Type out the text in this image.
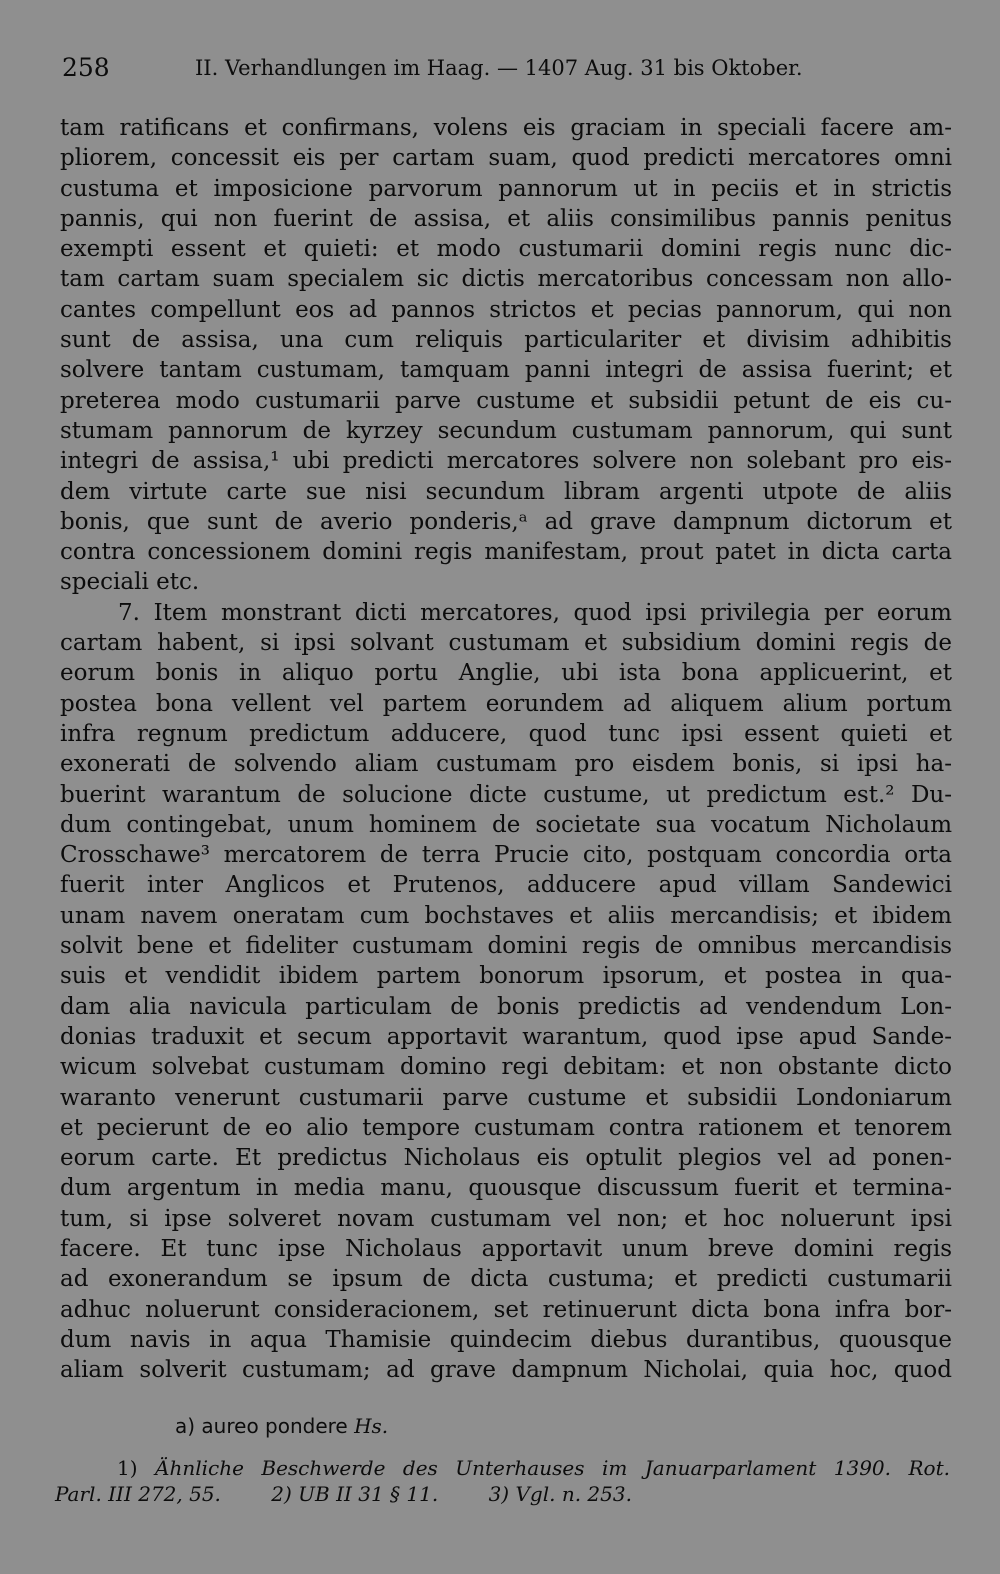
258	II. Verhandlungen im Haag. — 1407 Aug. 31 bis Oktober.
tam ratificans et confirmans, volens eis graciam in speciali facere am-
pliorem, concessit eis per cartam suam, quod predicti mercatores omni
custuma et imposicione parvorum pannorum ut in peciis et in strictis
pannis, qui non fuerint de assisa, et aliis consimilibus pannis penitus
exempti essent et quieti: et modo custumarii domini regis nunc dic-
tam cartam suam specialem sic dictis mercatoribus concessam non allo-
cantes compellunt eos ad pannos strictos et pecias pannorum, qui non
sunt de assisa, una cum reliquis particulariter et divisim adhibitis
solvere tantam custumam, tamquam panni integri de assisa fuerint; et
preterea modo custumarii parve custume et subsidii petunt de eis cu-
stumam pannorum de kyrzey secundum custumam pannorum, qui sunt
integri de assisa,¹ ubi predicti mercatores solvere non solebant pro eis-
dem virtute carte sue nisi secundum libram argenti utpote de aliis
bonis, que sunt de averio ponderis,ᵃ ad grave dampnum dictorum et
contra concessionem domini regis manifestam, prout patet in dicta carta
speciali etc.
7. Item monstrant dicti mercatores, quod ipsi privilegia per eorum
cartam habent, si ipsi solvant custumam et subsidium domini regis de
eorum bonis in aliquo portu Anglie, ubi ista bona applicuerint, et
postea bona vellent vel partem eorundem ad aliquem alium portum
infra regnum predictum adducere, quod tunc ipsi essent quieti et
exonerati de solvendo aliam custumam pro eisdem bonis, si ipsi ha-
buerint warantum de solucione dicte custume, ut predictum est.² Du-
dum contingebat, unum hominem de societate sua vocatum Nicholaum
Crosschawe³ mercatorem de terra Prucie cito, postquam concordia orta
fuerit inter Anglicos et Prutenos, adducere apud villam Sandewici
unam navem oneratam cum bochstaves et aliis mercandisis; et ibidem
solvit bene et fideliter custumam domini regis de omnibus mercandisis
suis et vendidit ibidem partem bonorum ipsorum, et postea in qua-
dam alia navicula particulam de bonis predictis ad vendendum Lon-
donias traduxit et secum apportavit warantum, quod ipse apud Sande-
wicum solvebat custumam domino regi debitam: et non obstante dicto
waranto venerunt custumarii parve custume et subsidii Londoniarum
et pecierunt de eo alio tempore custumam contra rationem et tenorem
eorum carte. Et predictus Nicholaus eis optulit plegios vel ad ponen-
dum argentum in media manu, quousque discussum fuerit et termina-
tum, si ipse solveret novam custumam vel non; et hoc noluerunt ipsi
facere. Et tunc ipse Nicholaus apportavit unum breve domini regis
ad exonerandum se ipsum de dicta custuma; et predicti custumarii
adhuc noluerunt consideracionem, set retinuerunt dicta bona infra bor-
dum navis in aqua Thamisie quindecim diebus durantibus, quousque
aliam solverit custumam; ad grave dampnum Nicholai, quia hoc, quod
a) aureo pondere Hs.
1) Ähnliche Beschwerde des Unterhauses im Januarparlament 1390. Rot.
Parl. III 272, 55.	2) UB II 31 § 11.	3) Vgl. n. 253.
